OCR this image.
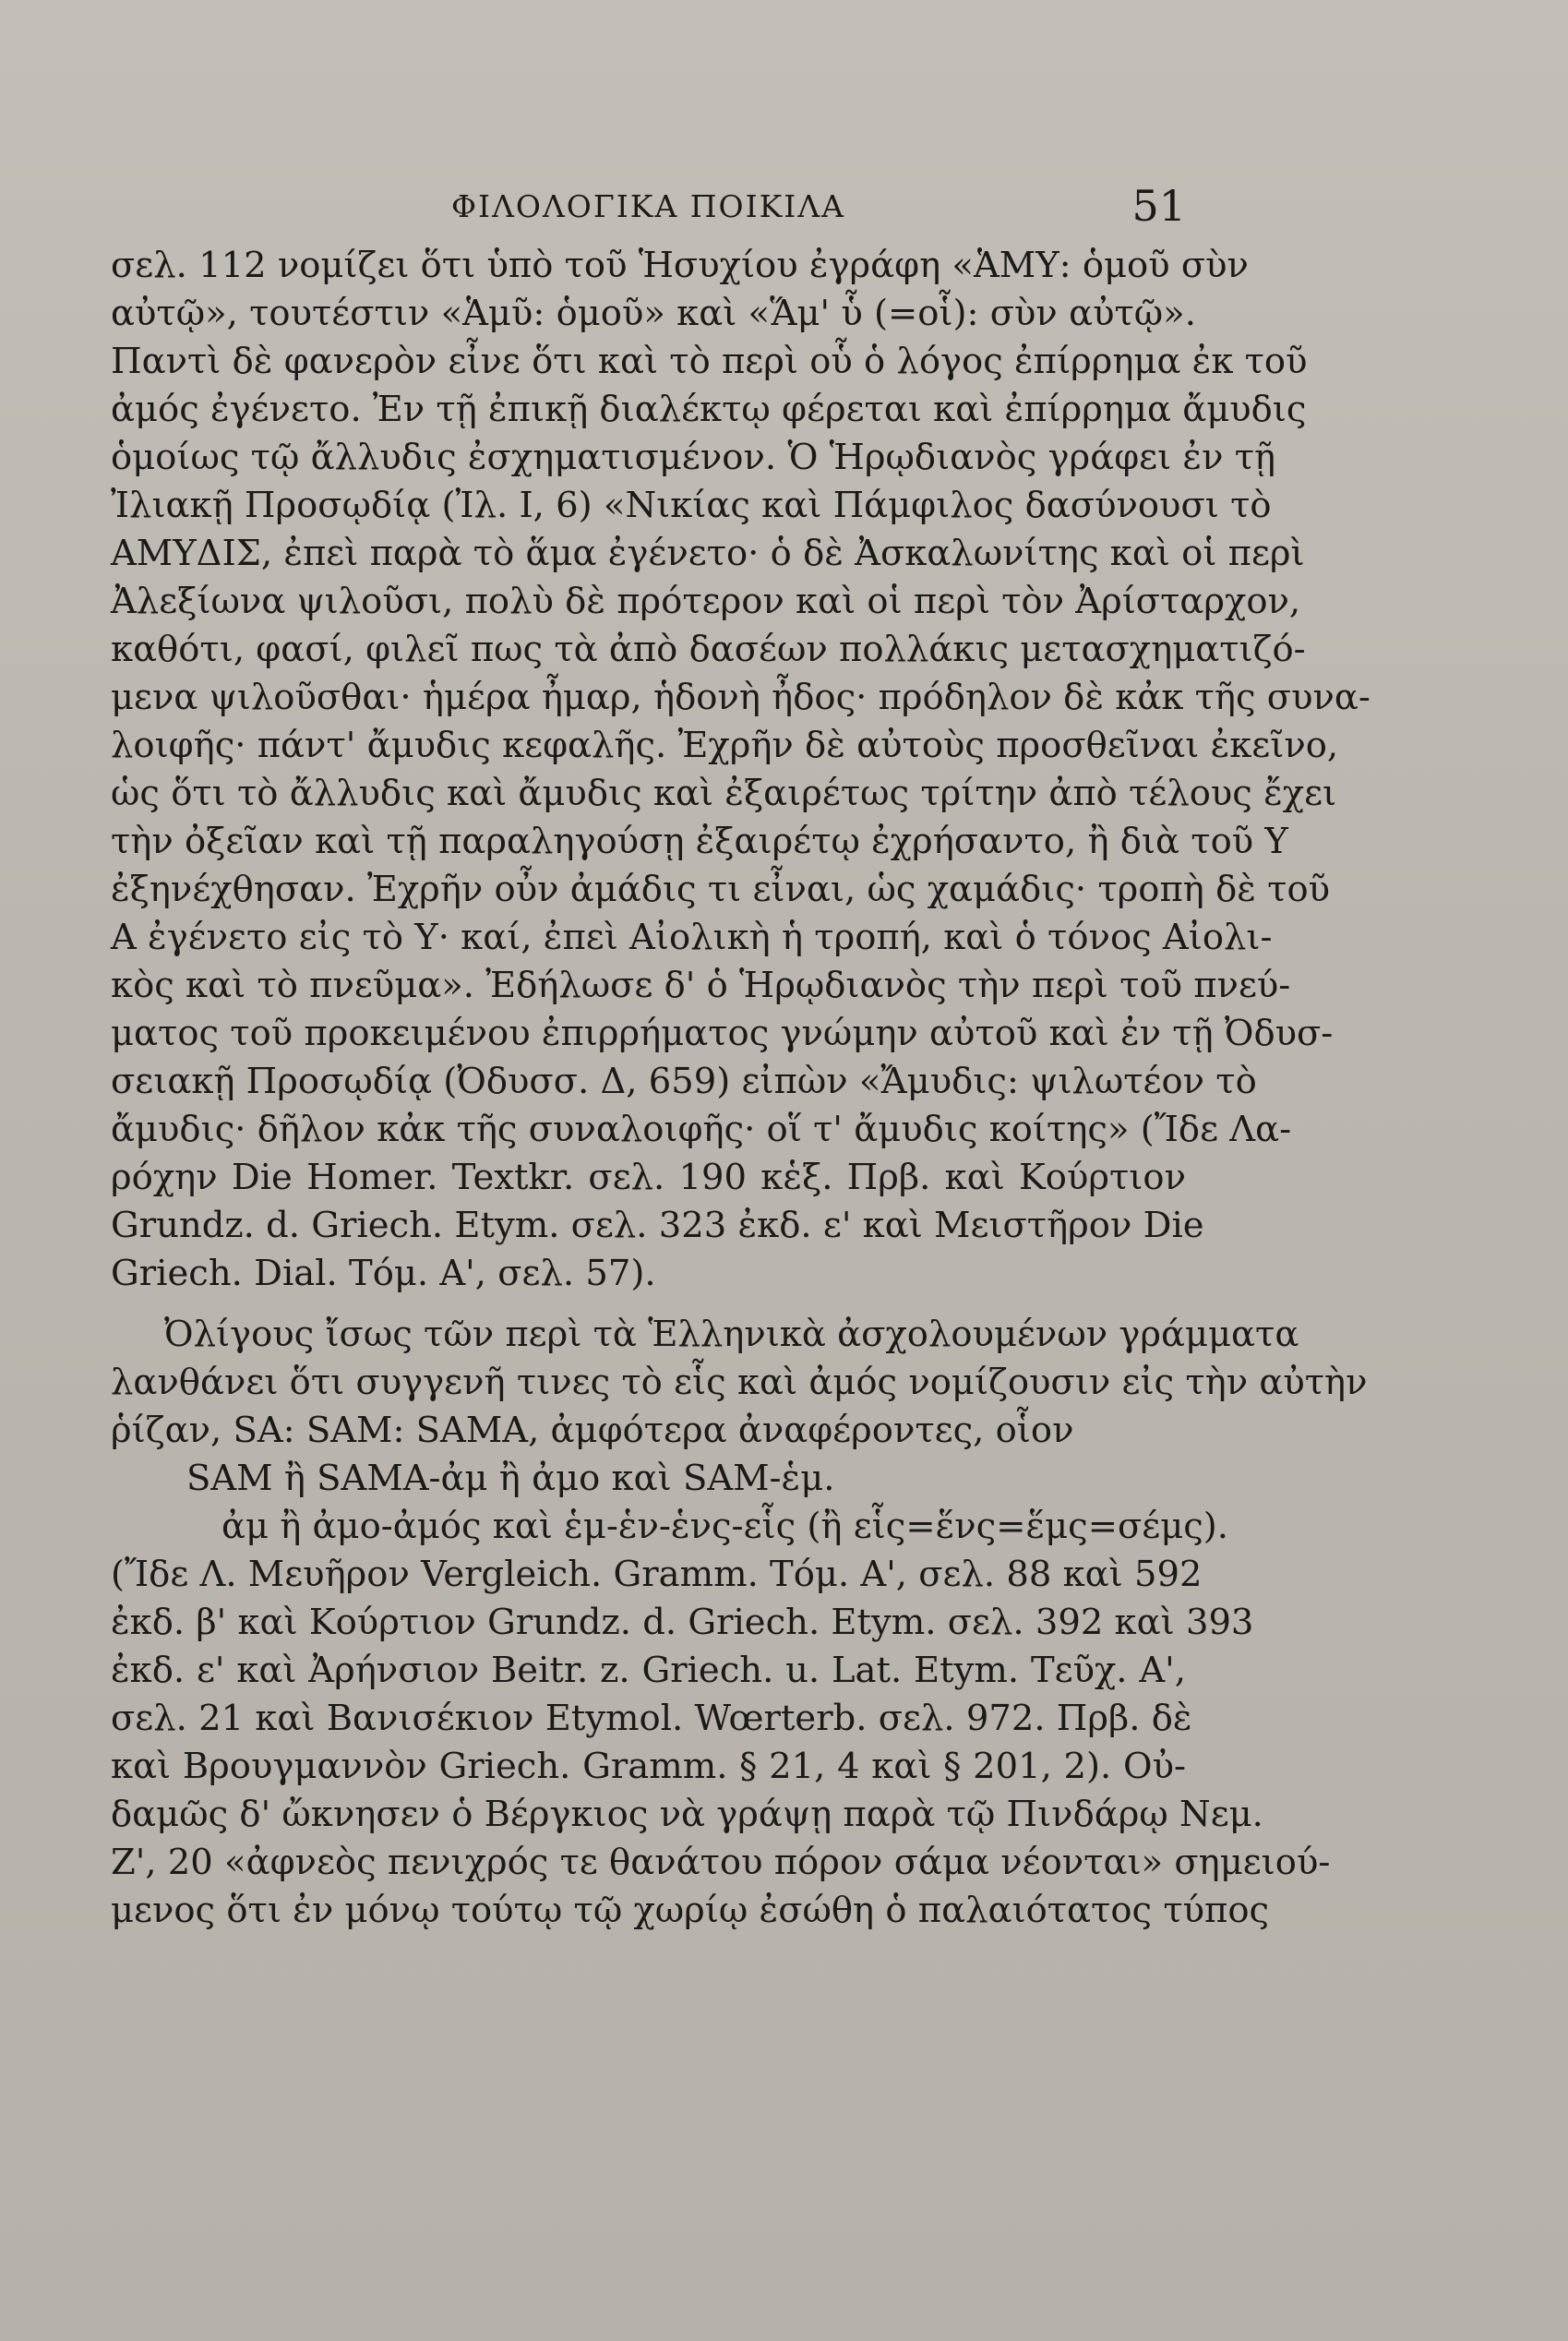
ΦΙΛΟΛΟΓΙΚΑ ΠΟΙΚΙΛΑ	51
σελ. 112 νομίζει ὅτι ὑπὸ τοῦ Ἡσυχίου ἐγράφη «ἉΜΥ: ὁμοῦ σὺν
αὐτῷ», τουτέστιν «Ἁμῦ: ὁμοῦ» καὶ «Ἅμ' ὗ (=οἷ): σὺν αὐτῷ».
Παντὶ δὲ φανερὸν εἶνε ὅτι καὶ τὸ περὶ οὗ ὁ λόγος ἐπίρρημα ἐκ τοῦ
ἀμός ἐγένετο. Ἐν τῇ ἐπικῇ διαλέκτῳ φέρεται καὶ ἐπίρρημα ἄμυδις
ὁμοίως τῷ ἄλλυδις ἐσχηματισμένον. Ὁ Ἡρῳδιανὸς γράφει ἐν τῇ
Ἰλιακῇ Προσῳδίᾳ (Ἰλ. Ι, 6) «Νικίας καὶ Πάμφιλος δασύνουσι τὸ
ΑΜΥΔΙΣ, ἐπεὶ παρὰ τὸ ἅμα ἐγένετο· ὁ δὲ Ἀσκαλωνίτης καὶ οἱ περὶ
Ἀλεξίωνα ψιλοῦσι, πολὺ δὲ πρότερον καὶ οἱ περὶ τὸν Ἀρίσταρχον,
καθότι, φασί, φιλεῖ πως τὰ ἀπὸ δασέων πολλάκις μετασχηματιζό-
μενα ψιλοῦσθαι· ἡμέρα ἦμαρ, ἡδονὴ ἦδος· πρόδηλον δὲ κἀκ τῆς συνα-
λοιφῆς· πάντ' ἄμυδις κεφαλῆς. Ἐχρῆν δὲ αὐτοὺς προσθεῖναι ἐκεῖνο,
ὡς ὅτι τὸ ἄλλυδις καὶ ἄμυδις καὶ ἐξαιρέτως τρίτην ἀπὸ τέλους ἔχει
τὴν ὀξεῖαν καὶ τῇ παραληγούσῃ ἐξαιρέτῳ ἐχρήσαντο, ἢ διὰ τοῦ Υ
ἐξηνέχθησαν. Ἐχρῆν οὖν ἀμάδις τι εἶναι, ὡς χαμάδις· τροπὴ δὲ τοῦ
Α ἐγένετο εἰς τὸ Υ· καί, ἐπεὶ Αἰολικὴ ἡ τροπή, καὶ ὁ τόνος Αἰολι-
κὸς καὶ τὸ πνεῦμα». Ἐδήλωσε δ' ὁ Ἡρῳδιανὸς τὴν περὶ τοῦ πνεύ-
ματος τοῦ προκειμένου ἐπιρρήματος γνώμην αὐτοῦ καὶ ἐν τῇ Ὀδυσ-
σειακῇ Προσῳδίᾳ (Ὀδυσσ. Δ, 659) εἰπὼν «Ἄμυδις: ψιλωτέον τὸ
ἄμυδις· δῆλον κἀκ τῆς συναλοιφῆς· οἵ τ' ἄμυδις κοίτης» (Ἴδε Λα-
ρόχην Die Homer. Textkr. σελ. 190 κἑξ. Πρβ. καὶ Κούρτιον
Grundz. d. Griech. Etym. σελ. 323 ἐκδ. ε' καὶ Μειστῆρον Die
Griech. Dial. Τόμ. Α', σελ. 57).
Ὀλίγους ἴσως τῶν περὶ τὰ Ἑλληνικὰ ἀσχολουμένων γράμματα
λανθάνει ὅτι συγγενῆ τινες τὸ εἷς καὶ ἀμός νομίζουσιν εἰς τὴν αὐτὴν
ῥίζαν, SA: SAM: SAMA, ἀμφότερα ἀναφέροντες, οἷον
SAM ἢ SAMA-ἀμ ἢ ἀμο καὶ SAM-ἑμ.
ἀμ ἢ ἀμο-ἀμός καὶ ἑμ-ἑν-ἑνς-εἷς (ἢ εἷς=ἕνς=ἕμς=σέμς).
(Ἴδε Λ. Μευῆρον Vergleich. Gramm. Τόμ. Α', σελ. 88 καὶ 592
ἐκδ. β' καὶ Κούρτιον Grundz. d. Griech. Etym. σελ. 392 καὶ 393
ἐκδ. ε' καὶ Ἀρήνσιον Beitr. z. Griech. u. Lat. Etym. Τεῦχ. Α',
σελ. 21 καὶ Βανισέκιον Etymol. Wœrterb. σελ. 972. Πρβ. δὲ
καὶ Βρουγμαννὸν Griech. Gramm. § 21, 4 καὶ § 201, 2). Οὐ-
δαμῶς δ' ὤκνησεν ὁ Βέργκιος νὰ γράψῃ παρὰ τῷ Πινδάρῳ Νεμ.
Ζ', 20 «ἀφνεὸς πενιχρός τε θανάτου πόρον σάμα νέονται» σημειού-
μενος ὅτι ἐν μόνῳ τούτῳ τῷ χωρίῳ ἐσώθη ὁ παλαιότατος τύπος
